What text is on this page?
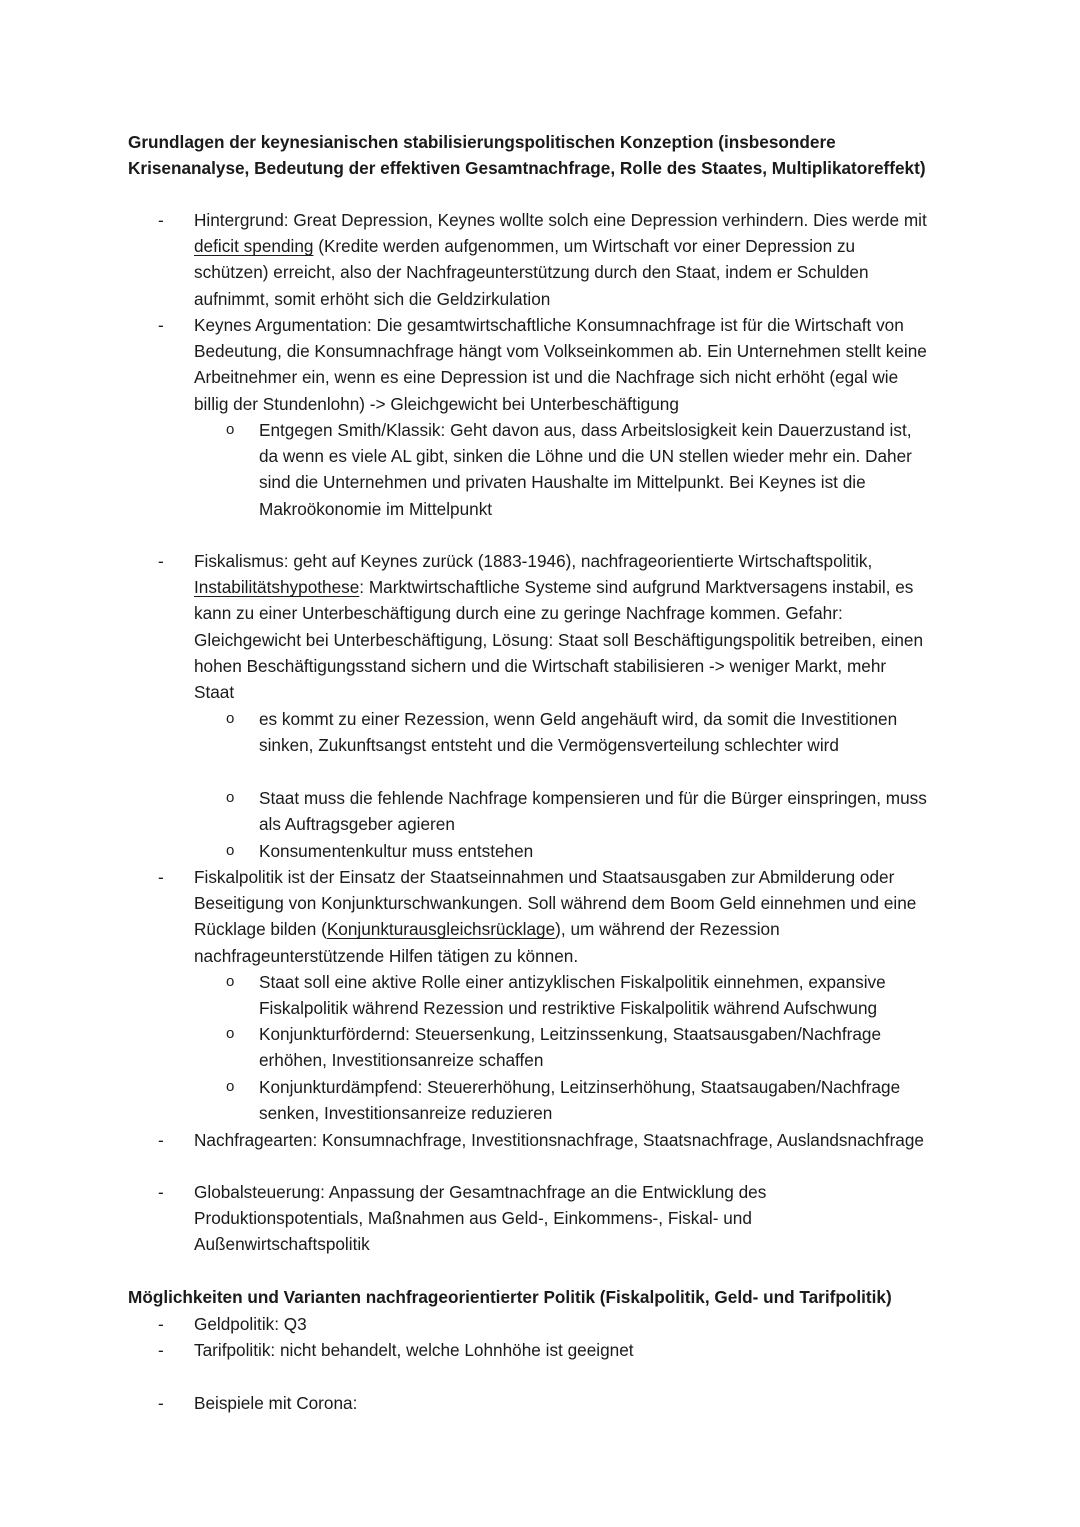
Grundlagen der keynesianischen stabilisierungspolitischen Konzeption (insbesondere Krisenanalyse, Bedeutung der effektiven Gesamtnachfrage, Rolle des Staates, Multiplikatoreffekt)

- Hintergrund: Great Depression, Keynes wollte solch eine Depression verhindern. Dies werde mit deficit spending (Kredite werden aufgenommen, um Wirtschaft vor einer Depression zu schützen) erreicht, also der Nachfrageunterstützung durch den Staat, indem er Schulden aufnimmt, somit erhöht sich die Geldzirkulation
- Keynes Argumentation: Die gesamtwirtschaftliche Konsumnachfrage ist für die Wirtschaft von Bedeutung, die Konsumnachfrage hängt vom Volkseinkommen ab. Ein Unternehmen stellt keine Arbeitnehmer ein, wenn es eine Depression ist und die Nachfrage sich nicht erhöht (egal wie billig der Stundenlohn) -> Gleichgewicht bei Unterbeschäftigung
o Entgegen Smith/Klassik: Geht davon aus, dass Arbeitslosigkeit kein Dauerzustand ist, da wenn es viele AL gibt, sinken die Löhne und die UN stellen wieder mehr ein. Daher sind die Unternehmen und privaten Haushalte im Mittelpunkt. Bei Keynes ist die Makroökonomie im Mittelpunkt
- Fiskalismus: geht auf Keynes zurück (1883-1946), nachfrageorientierte Wirtschaftspolitik, Instabilitätshypothese: Marktwirtschaftliche Systeme sind aufgrund Marktversagens instabil, es kann zu einer Unterbeschäftigung durch eine zu geringe Nachfrage kommen. Gefahr: Gleichgewicht bei Unterbeschäftigung, Lösung: Staat soll Beschäftigungspolitik betreiben, einen hohen Beschäftigungsstand sichern und die Wirtschaft stabilisieren -> weniger Markt, mehr Staat
o es kommt zu einer Rezession, wenn Geld angehäuft wird, da somit die Investitionen sinken, Zukunftsangst entsteht und die Vermögensverteilung schlechter wird
o Staat muss die fehlende Nachfrage kompensieren und für die Bürger einspringen, muss als Auftragsgeber agieren
o Konsumentenkultur muss entstehen
- Fiskalpolitik ist der Einsatz der Staatseinnahmen und Staatsausgaben zur Abmilderung oder Beseitigung von Konjunkturschwankungen. Soll während dem Boom Geld einnehmen und eine Rücklage bilden (Konjunkturausgleichsrücklage), um während der Rezession nachfrageunterstützende Hilfen tätigen zu können.
o Staat soll eine aktive Rolle einer antizyklischen Fiskalpolitik einnehmen, expansive Fiskalpolitik während Rezession und restriktive Fiskalpolitik während Aufschwung
o Konjunkturfördernd: Steuersenkung, Leitzinssenkung, Staatsausgaben/Nachfrage erhöhen, Investitionsanreize schaffen
o Konjunkturdämpfend: Steuererhöhung, Leitzinserhöhung, Staatsaugaben/Nachfrage senken, Investitionsanreize reduzieren
- Nachfragearten: Konsumnachfrage, Investitionsnachfrage, Staatsnachfrage, Auslandsnachfrage
- Globalsteuerung: Anpassung der Gesamtnachfrage an die Entwicklung des Produktionspotentials, Maßnahmen aus Geld-, Einkommens-, Fiskal- und Außenwirtschaftspolitik

Möglichkeiten und Varianten nachfrageorientierter Politik (Fiskalpolitik, Geld- und Tarifpolitik)

- Geldpolitik: Q3
- Tarifpolitik: nicht behandelt, welche Lohnhöhe ist geeignet
- Beispiele mit Corona:
